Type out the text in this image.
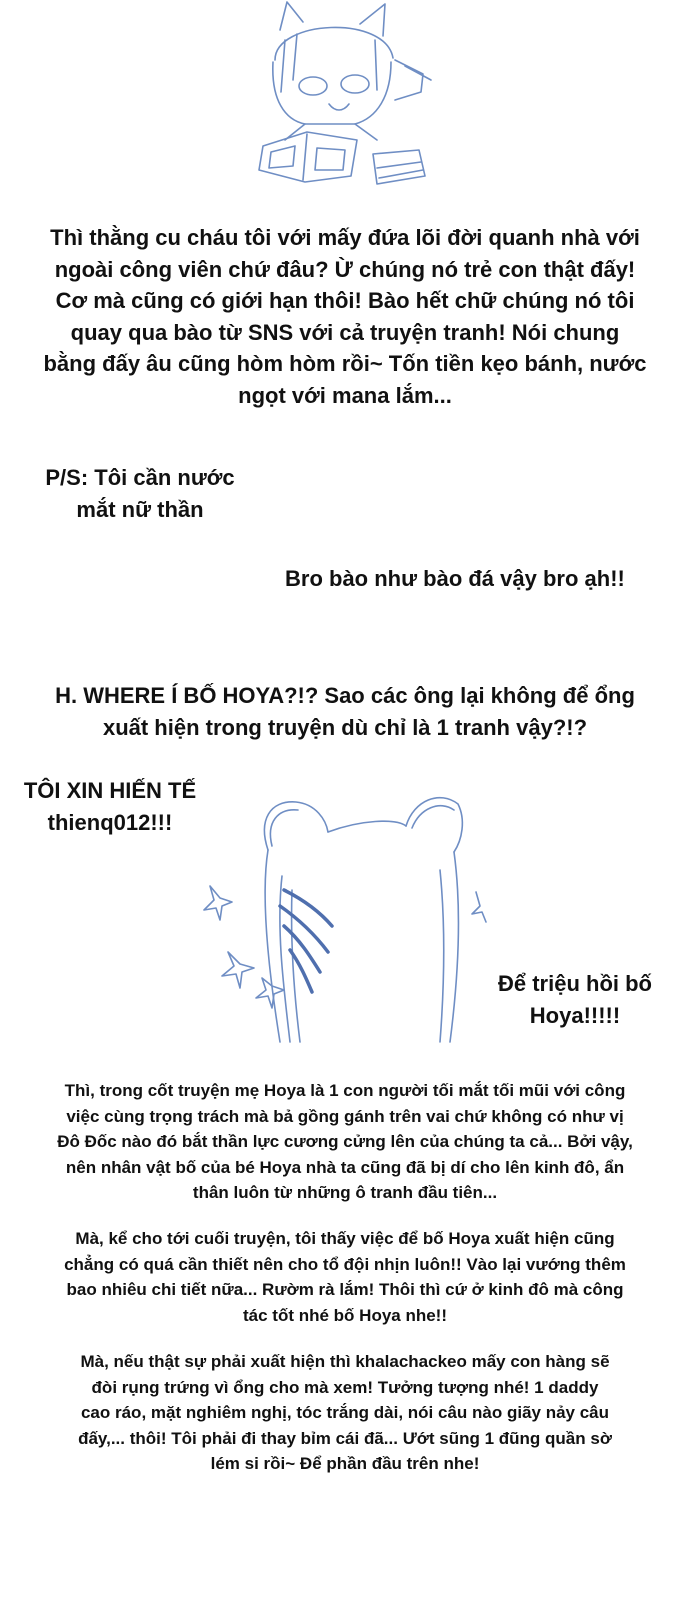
Thì thằng cu cháu tôi với mấy đứa lõi đời quanh nhà với
ngoài công viên chứ đâu? Ừ chúng nó trẻ con thật đấy!
Cơ mà cũng có giới hạn thôi! Bào hết chữ chúng nó tôi
quay qua bào từ SNS với cả truyện tranh! Nói chung
bằng đấy âu cũng hòm hòm rồi~ Tốn tiền kẹo bánh, nước
ngọt với mana lắm...
P/S: Tôi cần nước
mắt nữ thần
Bro bào như bào đá vậy bro ạh!!
H. WHERE Í BỐ HOYA?!? Sao các ông lại không để ổng
xuất hiện trong truyện dù chỉ là 1 tranh vậy?!?
TÔI XIN HIẾN TẾ
thienq012!!!
Để triệu hồi bố
Hoya!!!!!
Thì, trong cốt truyện mẹ Hoya là 1 con người tối mắt tối mũi với công
việc cùng trọng trách mà bả gồng gánh trên vai chứ không có như vị
Đô Đốc nào đó bắt thần lực cương cửng lên của chúng ta cả... Bởi vậy,
nên nhân vật bố của bé Hoya nhà ta cũng đã bị dí cho lên kinh đô, ẩn
thân luôn từ những ô tranh đầu tiên...
Mà, kể cho tới cuối truyện, tôi thấy việc để bố Hoya xuất hiện cũng
chẳng có quá cần thiết nên cho tổ đội nhịn luôn!! Vào lại vướng thêm
bao nhiêu chi tiết nữa... Rườm rà lắm! Thôi thì cứ ở kinh đô mà công
tác tốt nhé bố Hoya nhe!!
Mà, nếu thật sự phải xuất hiện thì khalachackeo mấy con hàng sẽ
đòi rụng trứng vì ổng cho mà xem! Tưởng tượng nhé! 1 daddy
cao ráo, mặt nghiêm nghị, tóc trắng dài, nói câu nào giãy nảy câu
đấy,... thôi! Tôi phải đi thay bỉm cái đã... Ướt sũng 1 đũng quần sờ
lém si rồi~ Để phần đầu trên nhe!
